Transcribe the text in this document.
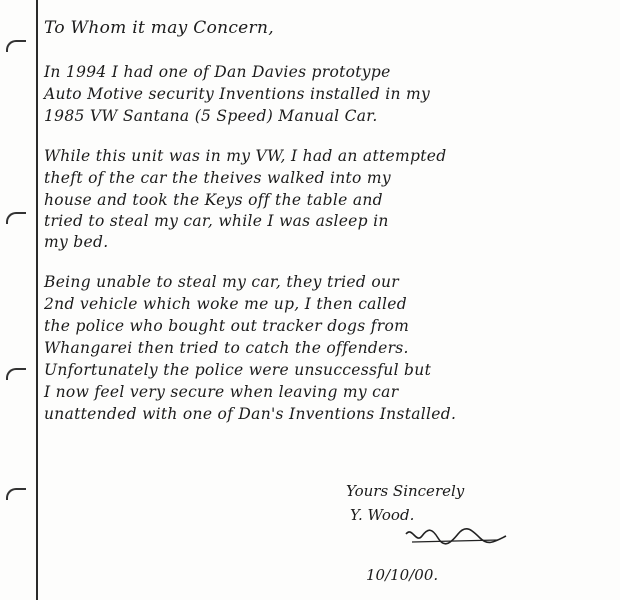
To Whom it may Concern,
In 1994 I had one of Dan Davies prototype
Auto Motive security Inventions installed in my
1985 VW Santana (5 Speed) Manual Car.
While this unit was in my VW, I had an attempted
theft of the car the theives walked into my
house and took the Keys off the table and
tried to steal my car, while I was asleep in
my bed.
Being unable to steal my car, they tried our
2nd vehicle which woke me up, I then called
the police who bought out tracker dogs from
Whangarei then tried to catch the offenders.
Unfortunately the police were unsuccessful but
I now feel very secure when leaving my car
unattended with one of Dan's Inventions Installed.
Yours Sincerely
Y. Wood.
10/10/00.
